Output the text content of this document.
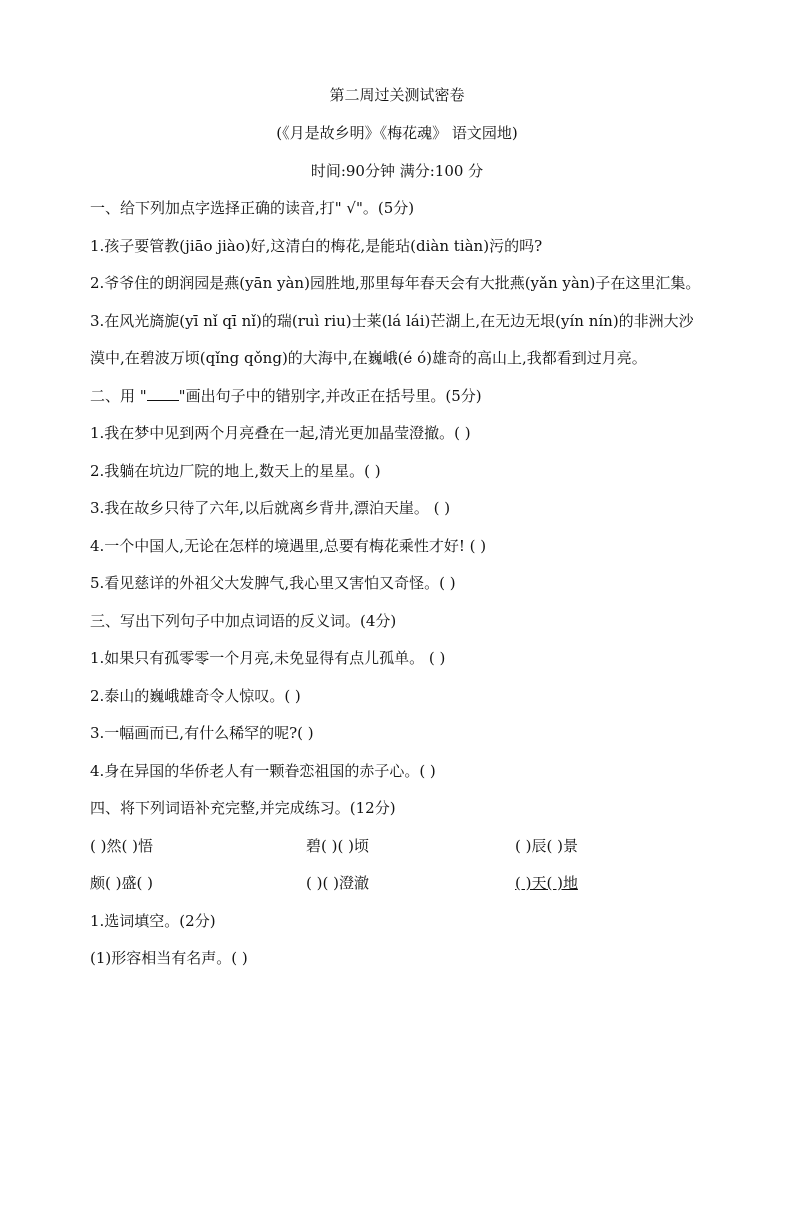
第二周过关测试密卷
(《月是故乡明》《梅花魂》 语文园地)
时间:90分钟 满分:100 分
一、给下列加点字选择正确的读音,打" √"。(5分)
1.孩子要管教(jiāo jiào)好,这清白的梅花,是能玷(diàn tiàn)污的吗?
2.爷爷住的朗润园是燕(yān yàn)园胜地,那里每年春天会有大批燕(yǎn yàn)子在这里汇集。
3.在风光旖旎(yī nǐ qī nǐ)的瑞(ruì riu)士莱(lá lái)芒湖上,在无边无垠(yín nín)的非洲大沙漠中,在碧波万顷(qǐng qǒng)的大海中,在巍峨(é ó)雄奇的高山上,我都看到过月亮。
二、用 " "画出句子中的错别字,并改正在括号里。(5分)
1.我在梦中见到两个月亮叠在一起,清光更加晶莹澄撤。( )
2.我躺在坑边厂院的地上,数天上的星星。( )
3.我在故乡只待了六年,以后就离乡背井,漂泊天崖。 ( )
4.一个中国人,无论在怎样的境遇里,总要有梅花乘性才好! ( )
5.看见慈详的外祖父大发脾气,我心里又害怕又奇怪。( )
三、写出下列句子中加点词语的反义词。(4分)
1.如果只有孤零零一个月亮,未免显得有点儿孤单。 ( )
2.泰山的巍峨雄奇令人惊叹。( )
3.一幅画而已,有什么稀罕的呢?( )
4.身在异国的华侨老人有一颗眷恋祖国的赤子心。( )
四、将下列词语补充完整,并完成练习。(12分)
( )然( )悟	碧( )( )顷	( )辰( )景
颇( )盛( )	( )( )澄澈	( )天( )地
1.选词填空。(2分)
(1)形容相当有名声。( )
